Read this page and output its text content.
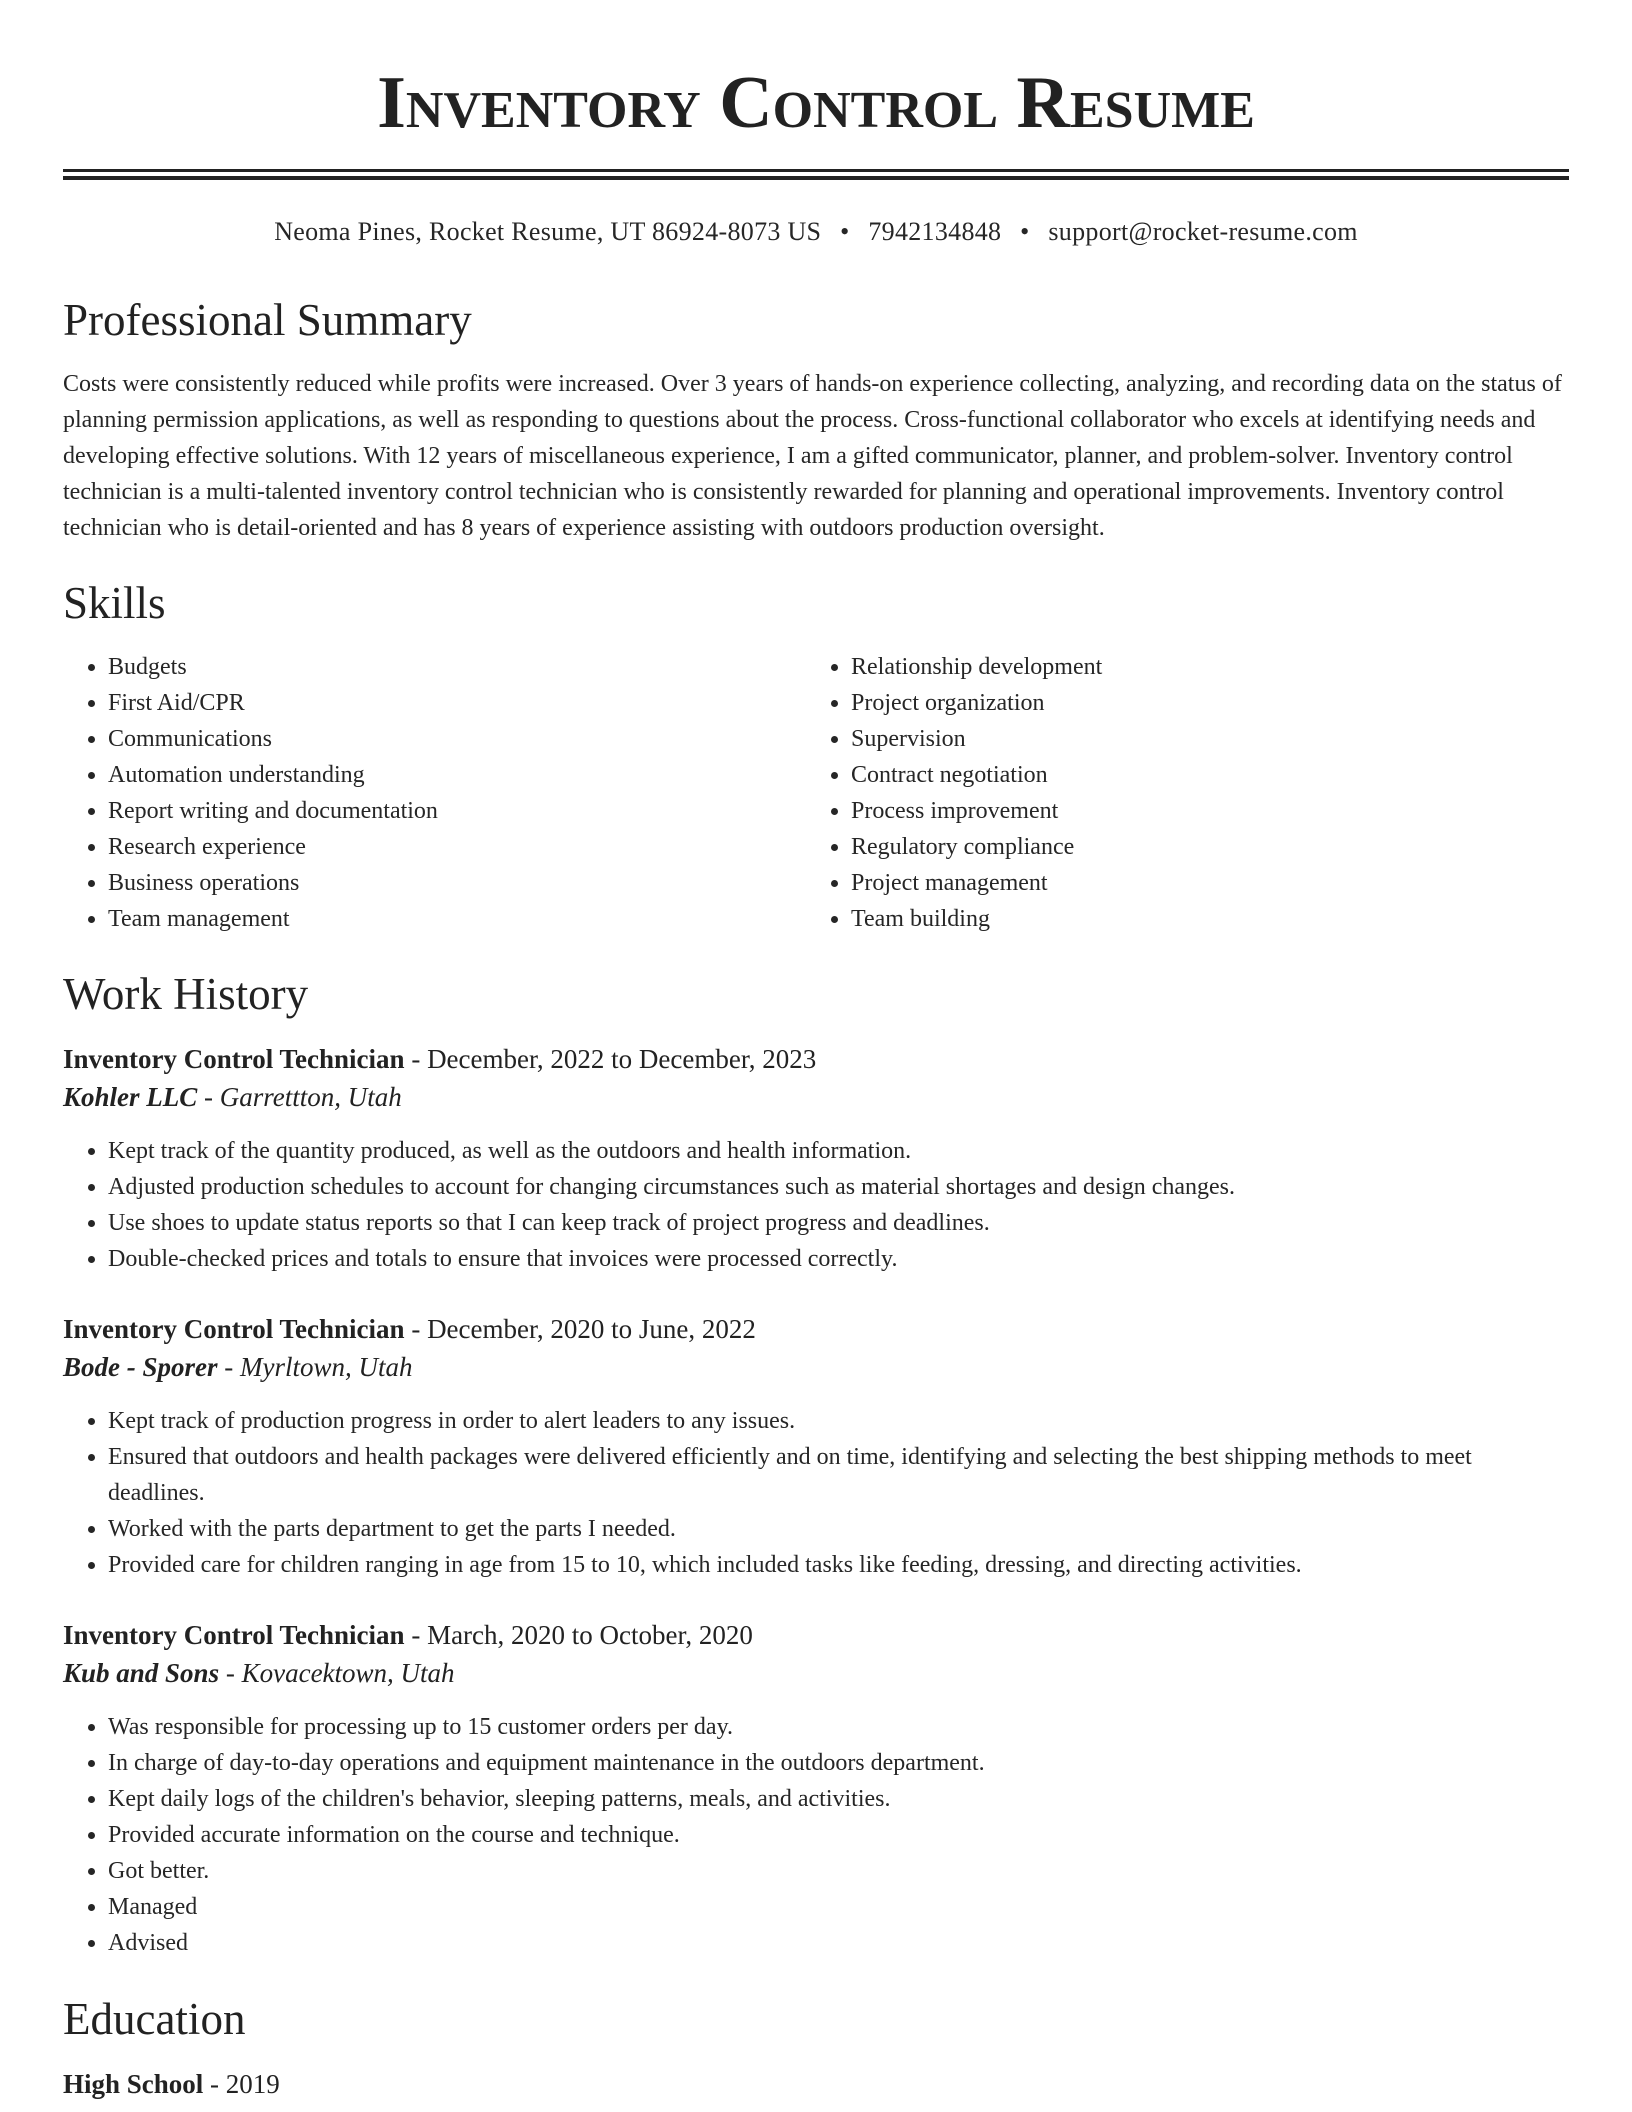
Inventory Control Resume
Neoma Pines, Rocket Resume, UT 86924-8073 US • 7942134848 • support@rocket-resume.com
Professional Summary

Costs were consistently reduced while profits were increased. Over 3 years of hands-on experience collecting, analyzing, and recording data on the status of planning permission applications, as well as responding to questions about the process. Cross-functional collaborator who excels at identifying needs and developing effective solutions. With 12 years of miscellaneous experience, I am a gifted communicator, planner, and problem-solver. Inventory control technician is a multi-talented inventory control technician who is consistently rewarded for planning and operational improvements. Inventory control technician who is detail-oriented and has 8 years of experience assisting with outdoors production oversight.

Skills
• Budgets
• First Aid/CPR
• Communications
• Automation understanding
• Report writing and documentation
• Research experience
• Business operations
• Team management
• Relationship development
• Project organization
• Supervision
• Contract negotiation
• Process improvement
• Regulatory compliance
• Project management
• Team building
Work History
Inventory Control Technician - December, 2022 to December, 2023
Kohler LLC - Garrettton, Utah
• Kept track of the quantity produced, as well as the outdoors and health information.
• Adjusted production schedules to account for changing circumstances such as material shortages and design changes.
• Use shoes to update status reports so that I can keep track of project progress and deadlines.
• Double-checked prices and totals to ensure that invoices were processed correctly.
Inventory Control Technician - December, 2020 to June, 2022
Bode - Sporer - Myrltown, Utah
• Kept track of production progress in order to alert leaders to any issues.
• Ensured that outdoors and health packages were delivered efficiently and on time, identifying and selecting the best shipping methods to meet deadlines.
• Worked with the parts department to get the parts I needed.
• Provided care for children ranging in age from 15 to 10, which included tasks like feeding, dressing, and directing activities.
Inventory Control Technician - March, 2020 to October, 2020
Kub and Sons - Kovacektown, Utah
• Was responsible for processing up to 15 customer orders per day.
• In charge of day-to-day operations and equipment maintenance in the outdoors department.
• Kept daily logs of the children's behavior, sleeping patterns, meals, and activities.
• Provided accurate information on the course and technique.
• Got better.
• Managed
• Advised
Education
High School - 2019
